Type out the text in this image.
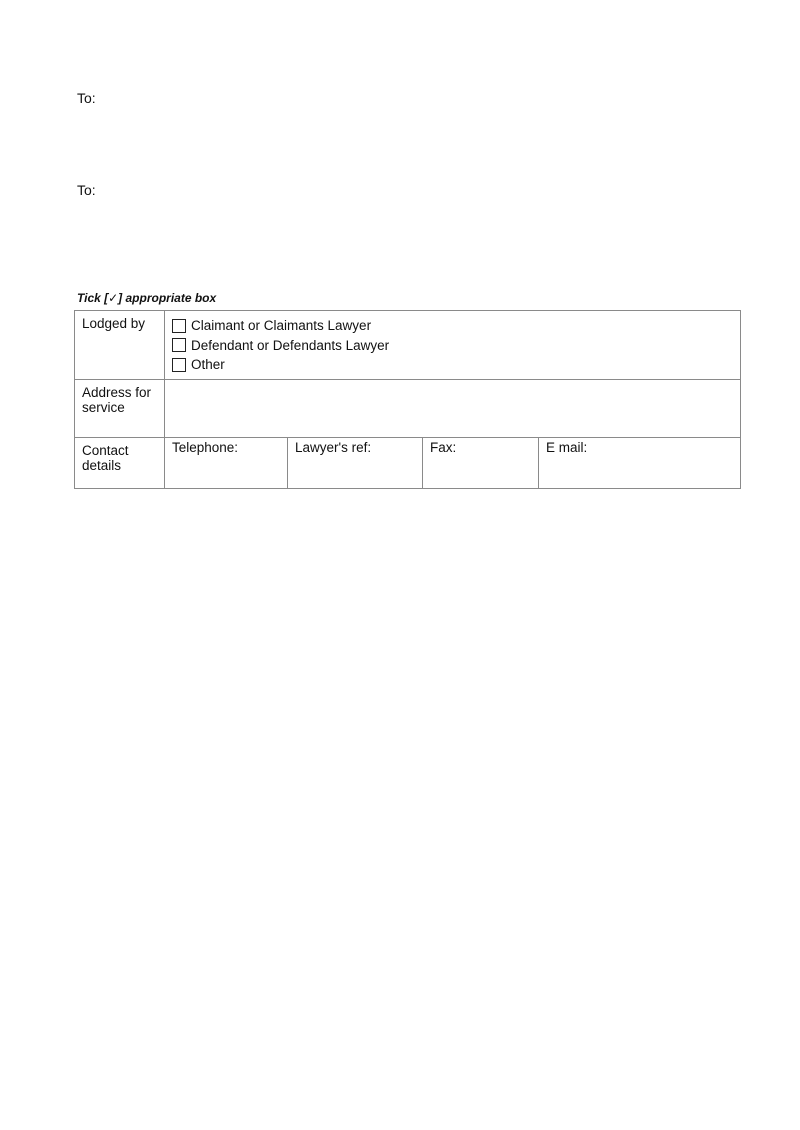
To:
To:
Tick [✓] appropriate box
Lodged by	Claimant or Claimants Lawyer
Defendant or Defendants Lawyer
Other

Address for service	
Contact details	Telephone: Lawyer's ref: Fax: E mail:
